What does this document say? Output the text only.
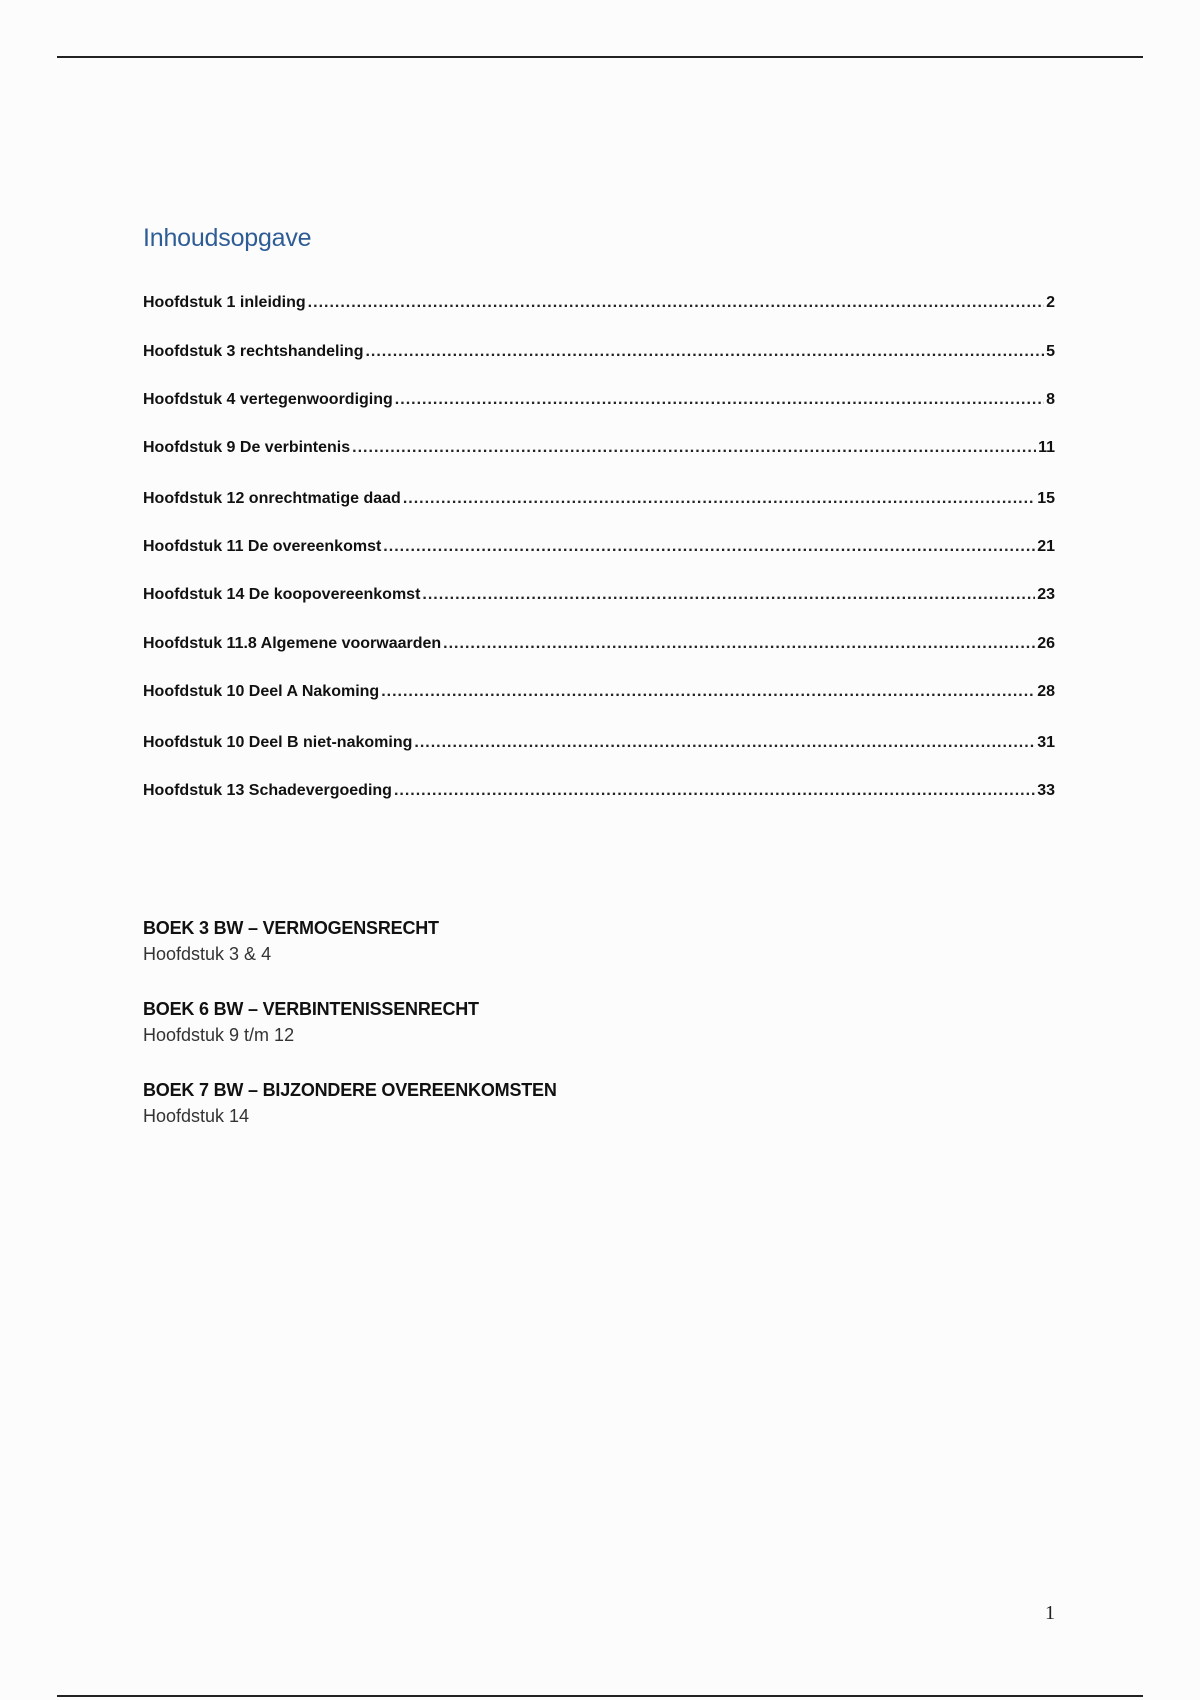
Inhoudsopgave
Hoofdstuk 1 inleiding .....	2
Hoofdstuk 3 rechtshandeling .....	5
Hoofdstuk 4 vertegenwoordiging .....	8
Hoofdstuk 9 De verbintenis .....	11
Hoofdstuk 12 onrechtmatige daad .....	15
Hoofdstuk 11 De overeenkomst .....	21
Hoofdstuk 14 De koopovereenkomst .....	23
Hoofdstuk 11.8 Algemene voorwaarden .....	26
Hoofdstuk 10 Deel A Nakoming .....	28
Hoofdstuk 10 Deel B niet-nakoming .....	31
Hoofdstuk 13 Schadevergoeding .....	33
BOEK 3 BW – VERMOGENSRECHT
Hoofdstuk 3 & 4
BOEK 6 BW – VERBINTENISSENRECHT
Hoofdstuk 9 t/m 12
BOEK 7 BW – BIJZONDERE OVEREENKOMSTEN
Hoofdstuk 14
1
